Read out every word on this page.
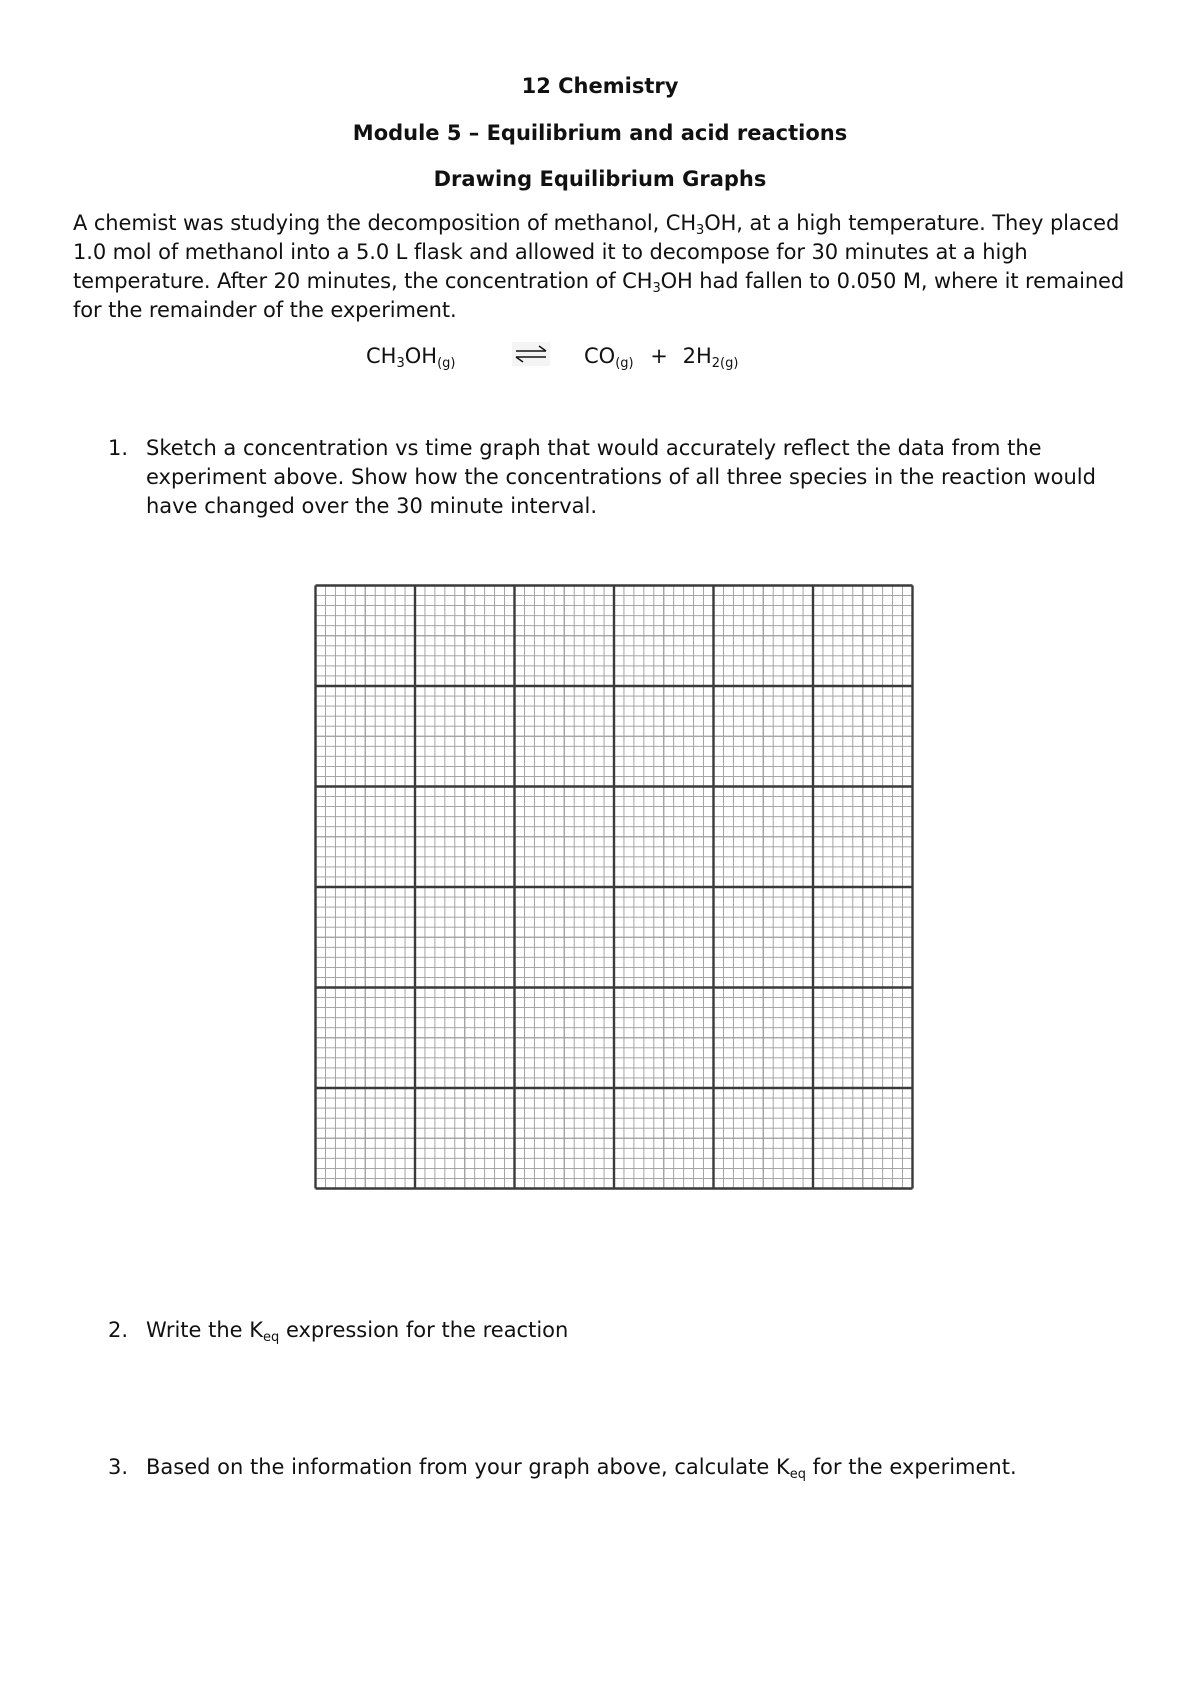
12 Chemistry
Module 5 – Equilibrium and acid reactions
Drawing Equilibrium Graphs

A chemist was studying the decomposition of methanol, $CH_3OH$, at a high temperature. They placed 1.0 mol of methanol into a 5.0 L flask and allowed it to decompose for 30 minutes at a high temperature. After 20 minutes, the concentration of $CH_3OH$ had fallen to 0.050 M, where it remained for the remainder of the experiment.

$CH_3OH_{(g)}$	$CO_{(g)} + 2H_{2(g)}$
1. Sketch a concentration vs time graph that would accurately reflect the data from the experiment above. Show how the concentrations of all three species in the reaction would have changed over the 30 minute interval.
2. Write the $K_{eq}$ expression for the reaction
3. Based on the information from your graph above, calculate $K_{eq}$ for the experiment.
